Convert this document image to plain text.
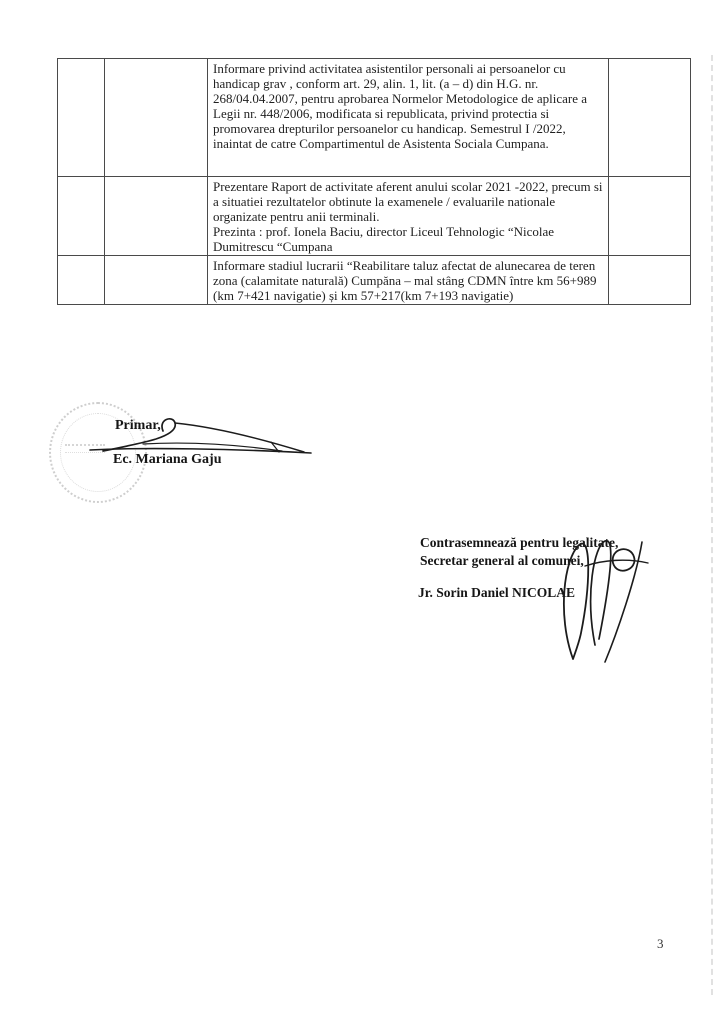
		Informare privind activitatea asistentilor personali ai persoanelor cu handicap grav , conform art. 29, alin. 1, lit. (a – d) din H.G. nr. 268/04.04.2007, pentru aprobarea Normelor Metodologice de aplicare a Legii nr. 448/2006, modificata si republicata, privind protectia si promovarea drepturilor persoanelor cu handicap. Semestrul I /2022, inaintat de catre Compartimentul de Asistenta Sociala Cumpana.	

		Prezentare Raport de activitate aferent anului scolar 2021 -2022, precum si a situatiei rezultatelor obtinute la examenele / evaluarile nationale organizate pentru anii terminali.

Prezinta : prof. Ionela Baciu, director Liceul Tehnologic “Nicolae Dumitrescu “Cumpana	

		Informare stadiul lucrarii “Reabilitare taluz afectat de alunecarea de teren zona (calamitate naturală) Cumpăna – mal stâng CDMN între km 56+989 (km 7+421 navigatie) și km 57+217(km 7+193 navigatie)	

Primar,
Ec. Mariana Gaju
Contrasemnează pentru legalitate,
Secretar general al comunei,
Jr. Sorin Daniel NICOLAE
3
